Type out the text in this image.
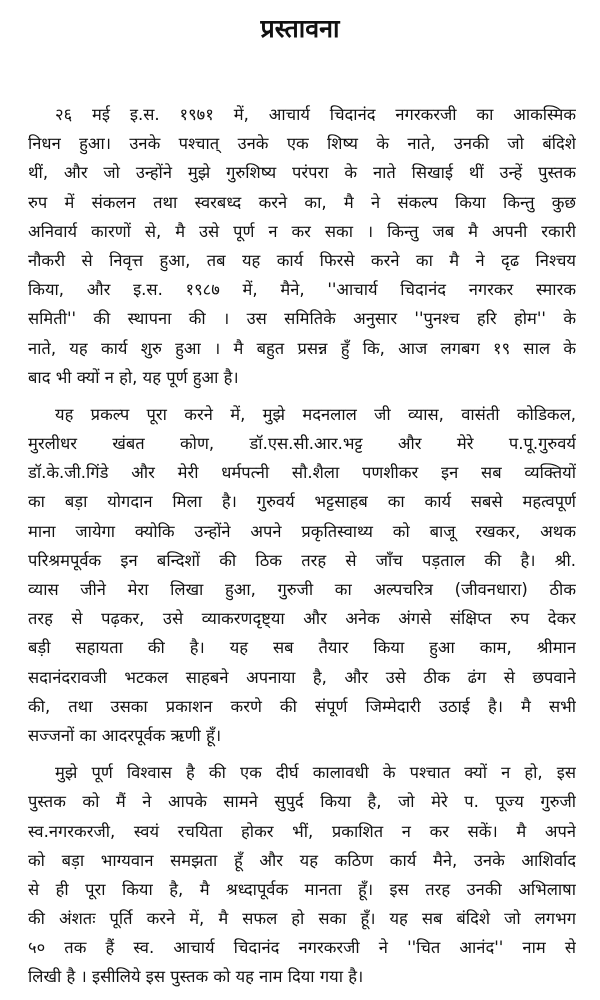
प्रस्तावना
२६ मई इ.स. १९७१ में, आचार्य चिदानंद नगरकरजी का आकस्मिक
निधन हुआ। उनके पश्चात् उनके एक शिष्य के नाते, उनकी जो बंदिशे
थीं, और जो उन्होंने मुझे गुरुशिष्य परंपरा के नाते सिखाई थीं उन्हें पुस्तक
रुप में संकलन तथा स्वरबध्द करने का, मै ने संकल्प किया किन्तु कुछ
अनिवार्य कारणों से, मै उसे पूर्ण न कर सका । किन्तु जब मै अपनी रकारी
नौकरी से निवृत्त हुआ, तब यह कार्य फिरसे करने का मै ने दृढ निश्चय
किया, और इ.स. १९८७ में, मैने, ''आचार्य चिदानंद नगरकर स्मारक
समिती'' की स्थापना की । उस समितिके अनुसार ''पुनश्च हरि होम'' के
नाते, यह कार्य शुरु हुआ । मै बहुत प्रसन्न हुँ कि, आज लगबग १९ साल के
बाद भी क्यों न हो, यह पूर्ण हुआ है।
यह प्रकल्प पूरा करने में, मुझे मदनलाल जी व्यास, वासंती कोडिकल,
मुरलीधर खंबत कोण, डॉ.एस.सी.आर.भट्ट और मेरे प.पू.गुरुवर्य
डॉ.के.जी.गिंडे और मेरी धर्मपत्नी सौ.शैला पणशीकर इन सब व्यक्तियों
का बड़ा योगदान मिला है। गुरुवर्य भट्टसाहब का कार्य सबसे महत्वपूर्ण
माना जायेगा क्योकि उन्होंने अपने प्रकृतिस्वाथ्य को बाजू रखकर, अथक
परिश्रमपूर्वक इन बन्दिशों की ठिक तरह से जाँच पड़ताल की है। श्री.
व्यास जीने मेरा लिखा हुआ, गुरुजी का अल्पचरित्र (जीवनधारा) ठीक
तरह से पढ़कर, उसे व्याकरणदृष्ट्या और अनेक अंगसे संक्षिप्त रुप देकर
बड़ी सहायता की है। यह सब तैयार किया हुआ काम, श्रीमान
सदानंदरावजी भटकल साहबने अपनाया है, और उसे ठीक ढंग से छपवाने
की, तथा उसका प्रकाशन करणे की संपूर्ण जिम्मेदारी उठाई है। मै सभी
सज्जनों का आदरपूर्वक ऋणी हूँ।
मुझे पूर्ण विश्वास है की एक दीर्घ कालावधी के पश्चात क्यों न हो, इस
पुस्तक को मैं ने आपके सामने सुपुर्द किया है, जो मेरे प. पूज्य गुरुजी
स्व.नगरकरजी, स्वयं रचयिता होकर भीं, प्रकाशित न कर सकें। मै अपने
को बड़ा भाग्यवान समझता हूँ और यह कठिण कार्य मैने, उनके आशिर्वाद
से ही पूरा किया है, मै श्रध्दापूर्वक मानता हूँ। इस तरह उनकी अभिलाषा
की अंशतः पूर्ति करने में, मै सफल हो सका हूँ। यह सब बंदिशे जो लगभग
५० तक हैं स्व. आचार्य चिदानंद नगरकरजी ने ''चित आनंद'' नाम से
लिखी है । इसीलिये इस पुस्तक को यह नाम दिया गया है।
